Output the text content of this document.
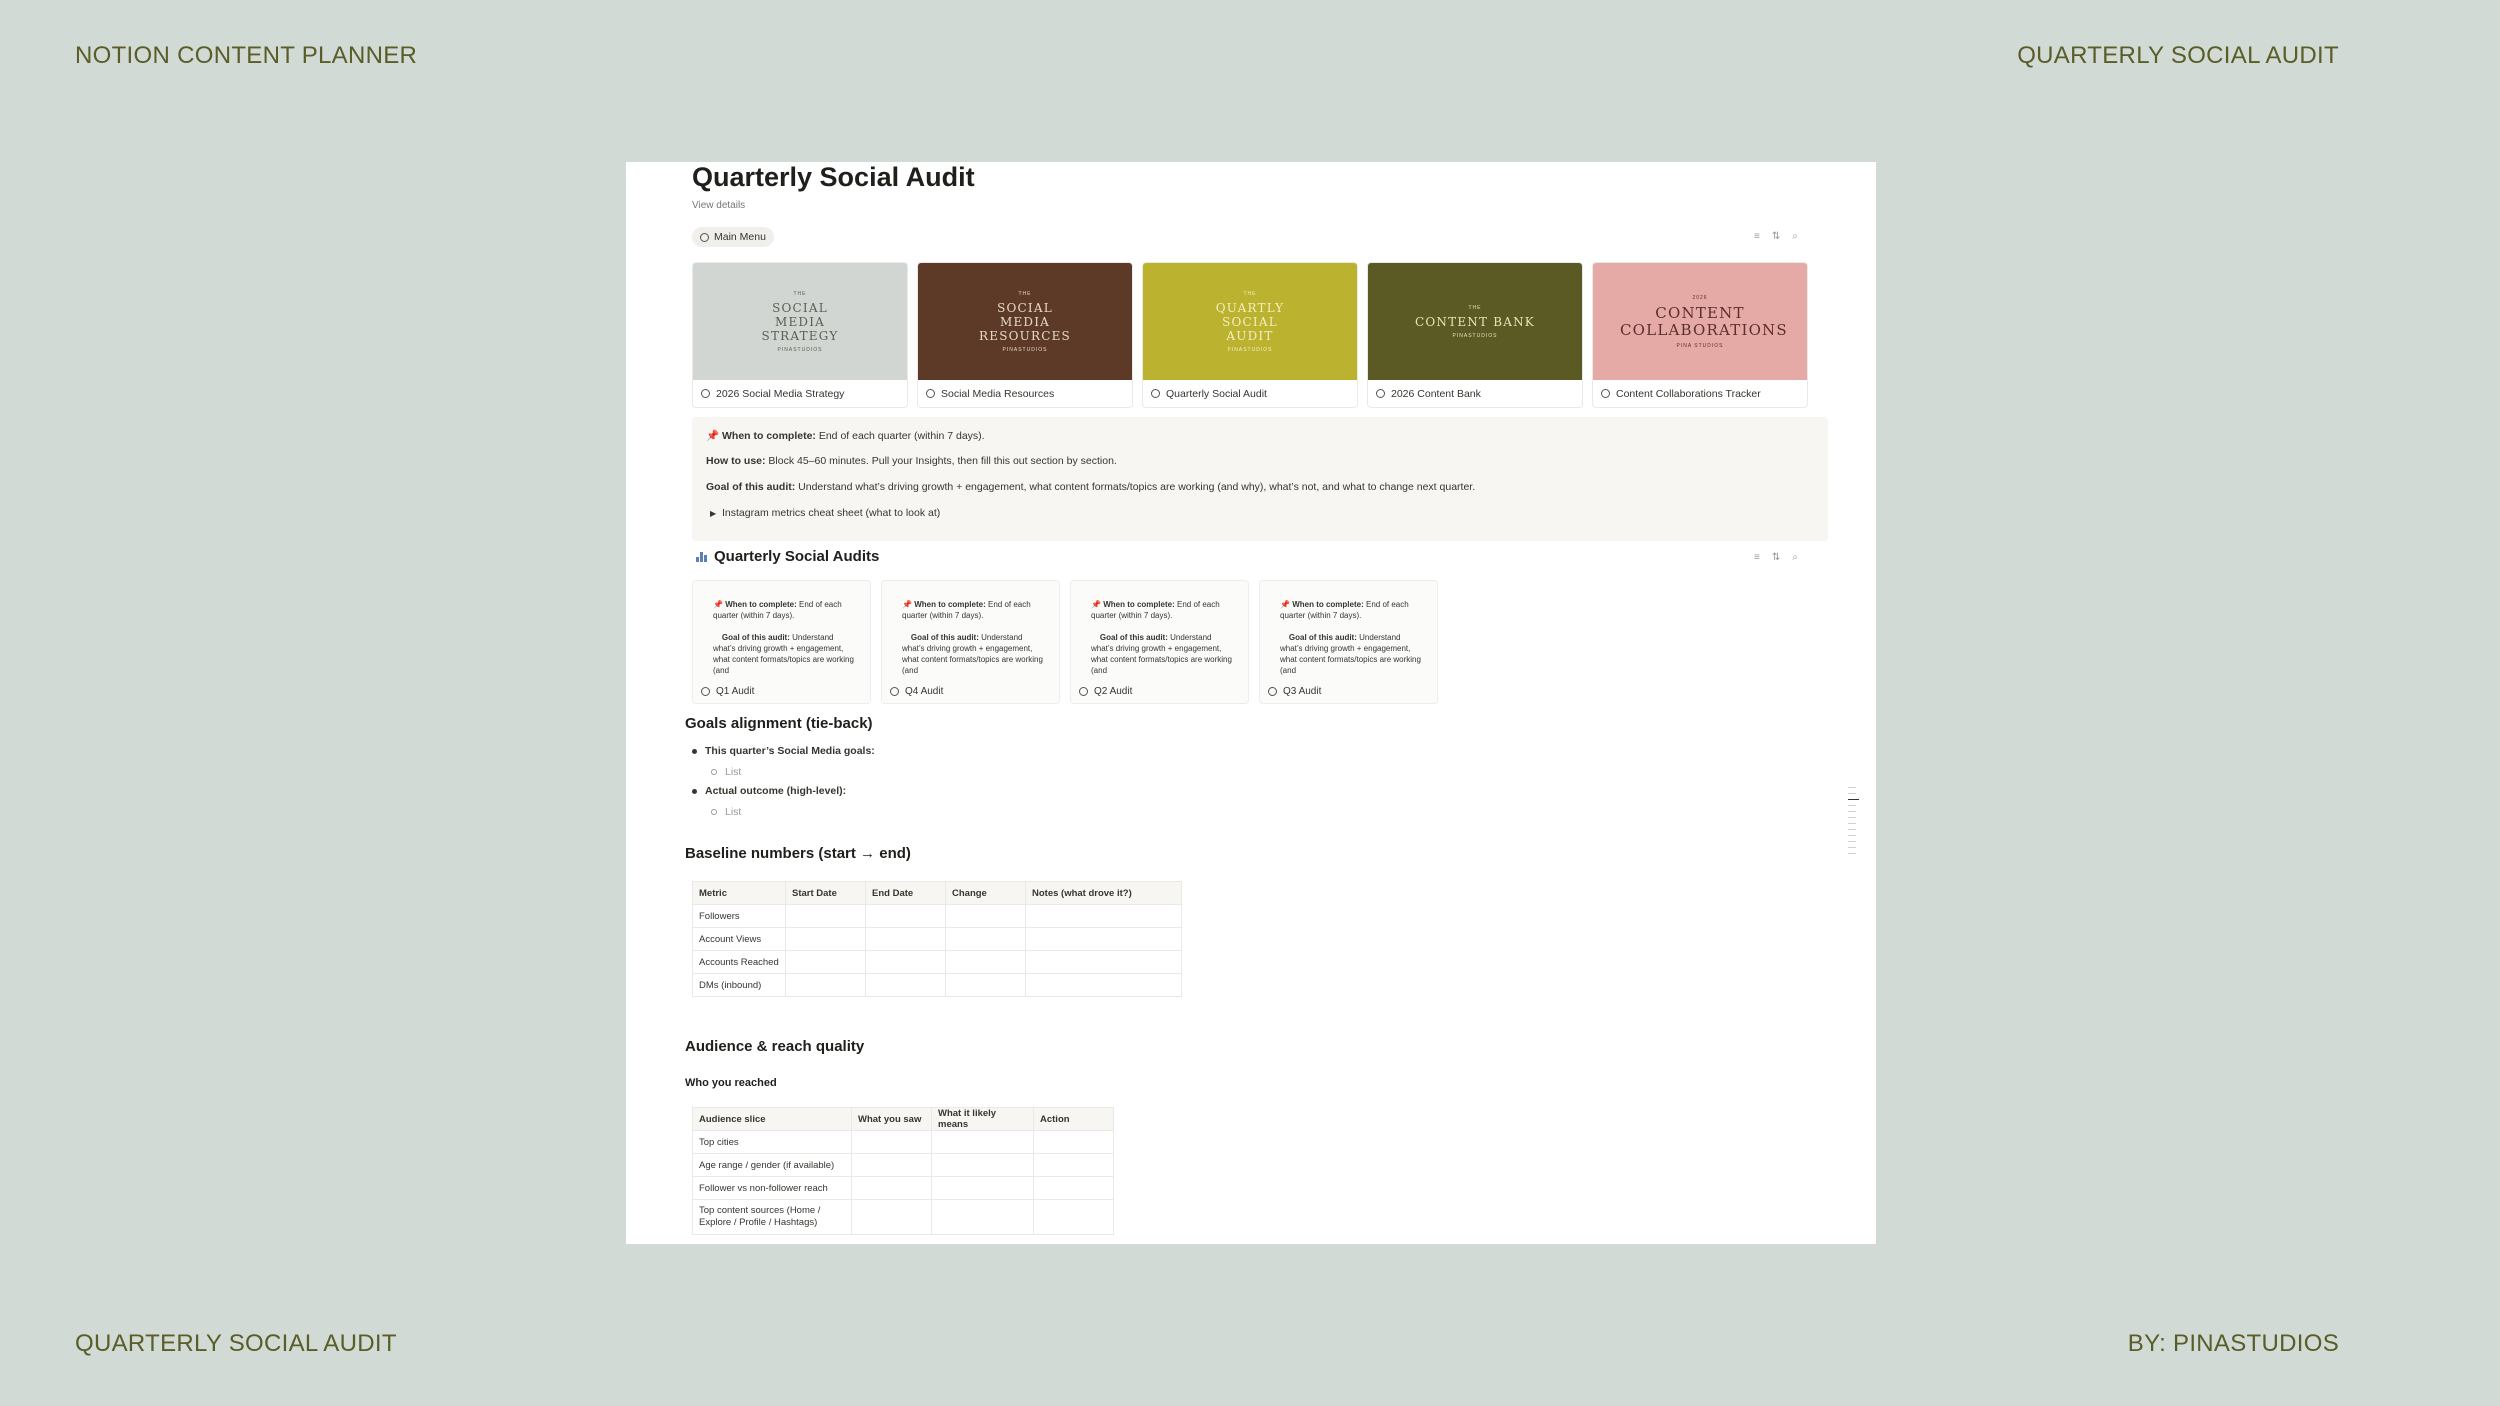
NOTION CONTENT PLANNER	QUARTERLY SOCIAL AUDIT
QUARTERLY SOCIAL AUDIT	BY: PINASTUDIOS
Quarterly Social Audit
View details
Main Menu	≡ ⇅ ⌕
THE
SOCIAL MEDIA STRATEGY
PINASTUDIOS
2026 Social Media Strategy
THE
SOCIAL MEDIA RESOURCES
PINASTUDIOS
Social Media Resources
THE
QUARTLY SOCIAL AUDIT
PINASTUDIOS
Quarterly Social Audit
THE
CONTENT BANK
PINASTUDIOS
2026 Content Bank
2026
CONTENT COLLABORATIONS
PINA STUDIOS
Content Collaborations Tracker

📌 When to complete: End of each quarter (within 7 days).

How to use: Block 45–60 minutes. Pull your Insights, then fill this out section by section.

Goal of this audit: Understand what’s driving growth + engagement, what content formats/topics are working (and why), what’s not, and what to change next quarter.

▶ Instagram metrics cheat sheet (what to look at)

Quarterly Social Audits	≡ ⇅ ⌕
📌 When to complete: End of each quarter (within 7 days).

Goal of this audit: Understand what’s driving growth + engagement, what content formats/topics are working (and
Q1 Audit
📌 When to complete: End of each quarter (within 7 days).

Goal of this audit: Understand what’s driving growth + engagement, what content formats/topics are working (and
Q4 Audit
📌 When to complete: End of each quarter (within 7 days).

Goal of this audit: Understand what’s driving growth + engagement, what content formats/topics are working (and
Q2 Audit
📌 When to complete: End of each quarter (within 7 days).

Goal of this audit: Understand what’s driving growth + engagement, what content formats/topics are working (and
Q3 Audit
Goals alignment (tie-back)
This quarter’s Social Media goals:
List
Actual outcome (high-level):
List
Baseline numbers (start → end)
Metric	Start Date	End Date	Change	Notes (what drove it?)
Followers				
Account Views				
Accounts Reached				
DMs (inbound)				
Audience & reach quality
Who you reached
Audience slice	What you saw	What it likely means	Action
Top cities			
Age range / gender (if available)			
Follower vs non-follower reach			
Top content sources (Home / Explore / Profile / Hashtags)			
